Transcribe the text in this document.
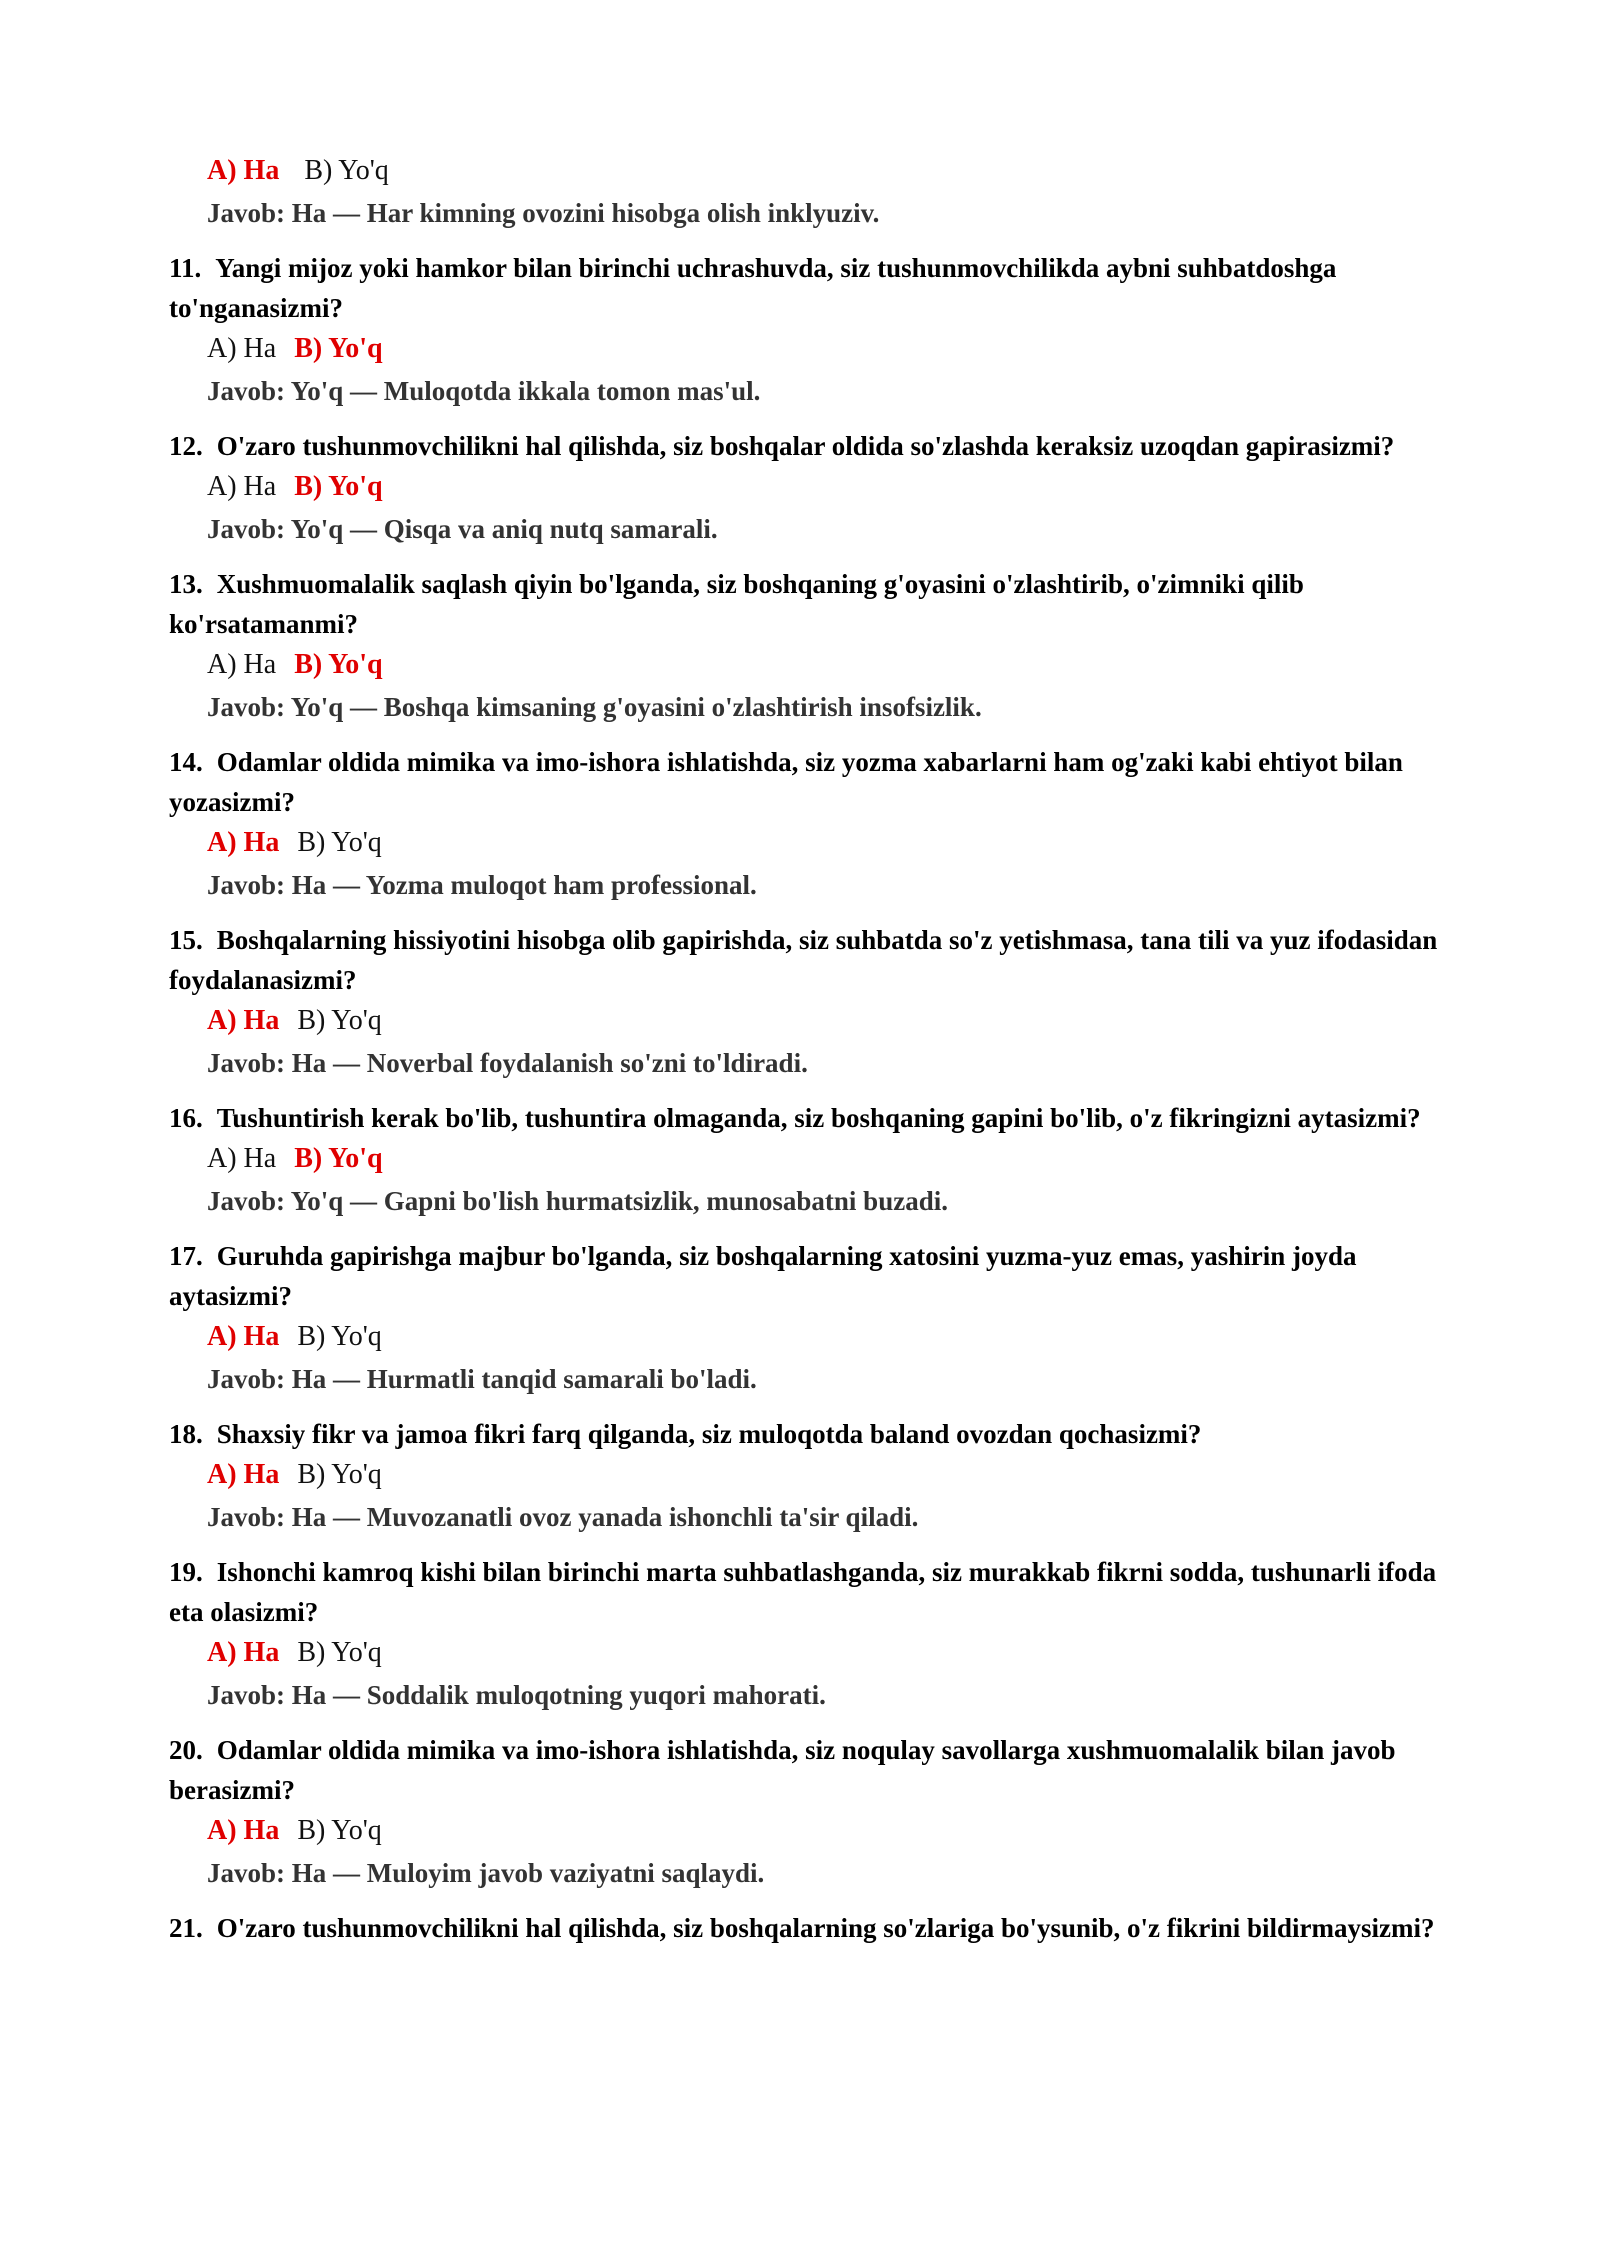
A) Ha B) Yo'q
Javob: Ha — Har kimning ovozini hisobga olish inklyuziv.

11. Yangi mijoz yoki hamkor bilan birinchi uchrashuvda, siz tushunmovchilikda aybni suhbatdoshga to'nganasizmi?

A) Ha B) Yo'q
Javob: Yo'q — Muloqotda ikkala tomon mas'ul.

12. O'zaro tushunmovchilikni hal qilishda, siz boshqalar oldida so'zlashda keraksiz uzoqdan gapirasizmi?

A) Ha B) Yo'q
Javob: Yo'q — Qisqa va aniq nutq samarali.

13. Xushmuomalalik saqlash qiyin bo'lganda, siz boshqaning g'oyasini o'zlashtirib, o'zimniki qilib ko'rsatamanmi?

A) Ha B) Yo'q
Javob: Yo'q — Boshqa kimsaning g'oyasini o'zlashtirish insofsizlik.

14. Odamlar oldida mimika va imo-ishora ishlatishda, siz yozma xabarlarni ham og'zaki kabi ehtiyot bilan yozasizmi?

A) Ha B) Yo'q
Javob: Ha — Yozma muloqot ham professional.

15. Boshqalarning hissiyotini hisobga olib gapirishda, siz suhbatda so'z yetishmasa, tana tili va yuz ifodasidan foydalanasizmi?

A) Ha B) Yo'q
Javob: Ha — Noverbal foydalanish so'zni to'ldiradi.

16. Tushuntirish kerak bo'lib, tushuntira olmaganda, siz boshqaning gapini bo'lib, o'z fikringizni aytasizmi?

A) Ha B) Yo'q
Javob: Yo'q — Gapni bo'lish hurmatsizlik, munosabatni buzadi.

17. Guruhda gapirishga majbur bo'lganda, siz boshqalarning xatosini yuzma-yuz emas, yashirin joyda aytasizmi?

A) Ha B) Yo'q
Javob: Ha — Hurmatli tanqid samarali bo'ladi.

18. Shaxsiy fikr va jamoa fikri farq qilganda, siz muloqotda baland ovozdan qochasizmi?

A) Ha B) Yo'q
Javob: Ha — Muvozanatli ovoz yanada ishonchli ta'sir qiladi.

19. Ishonchi kamroq kishi bilan birinchi marta suhbatlashganda, siz murakkab fikrni sodda, tushunarli ifoda eta olasizmi?

A) Ha B) Yo'q
Javob: Ha — Soddalik muloqotning yuqori mahorati.

20. Odamlar oldida mimika va imo-ishora ishlatishda, siz noqulay savollarga xushmuomalalik bilan javob berasizmi?

A) Ha B) Yo'q
Javob: Ha — Muloyim javob vaziyatni saqlaydi.

21. O'zaro tushunmovchilikni hal qilishda, siz boshqalarning so'zlariga bo'ysunib, o'z fikrini bildirmaysizmi?
